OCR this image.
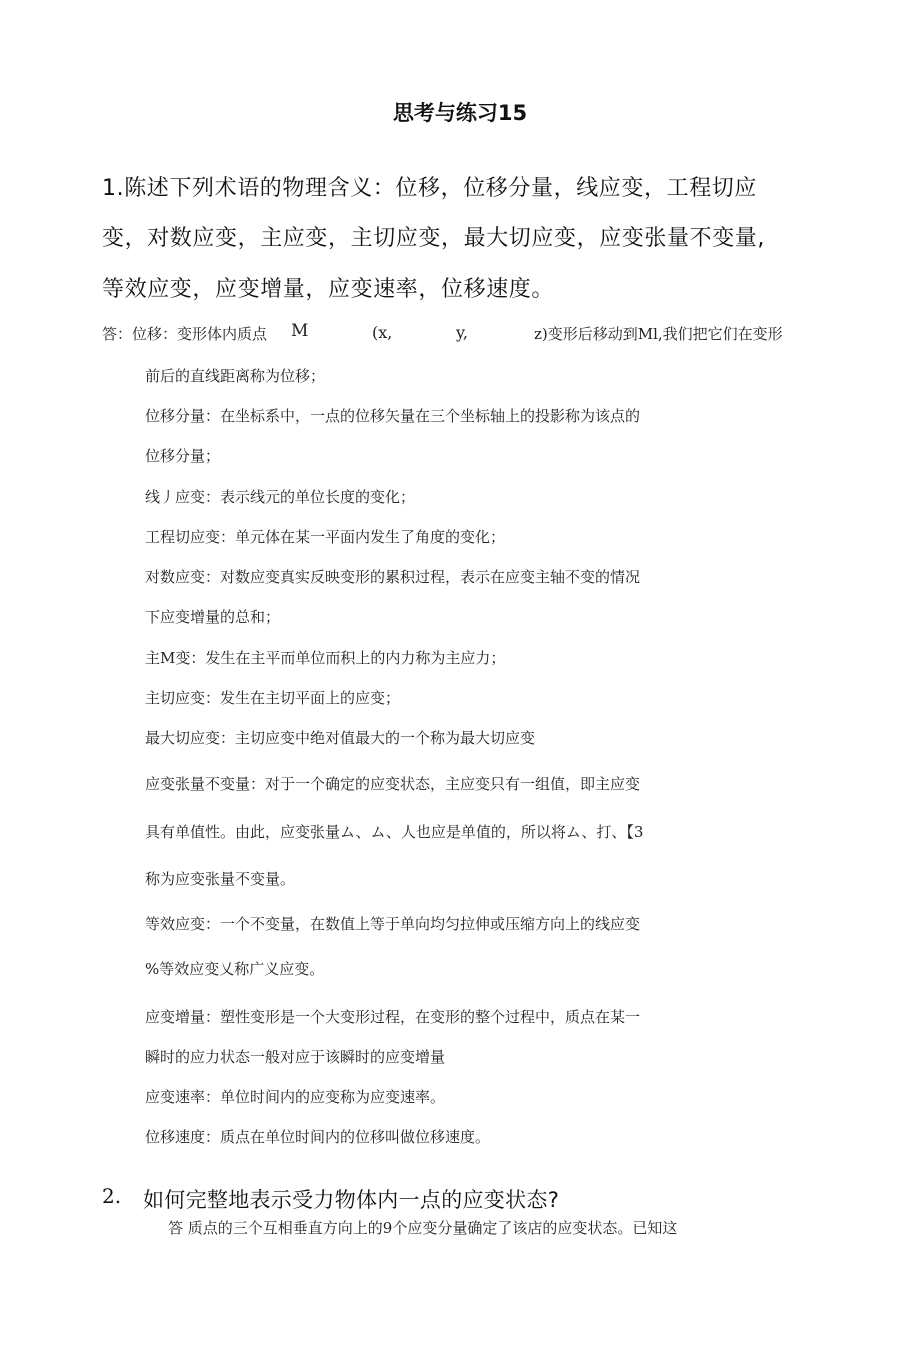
思考与练习15
1.陈述下列术语的物理含义：位移，位移分量，线应变，工程切应
变，对数应变，主应变，主切应变，最大切应变，应变张量不变量,
等效应变，应变增量，应变速率，位移速度。
答：位移：变形体内质点 M	(x,	y,	z)变形后移动到Ml,我们把它们在变形
前后的直线距离称为位移；
位移分量：在坐标系中，一点的位移矢量在三个坐标轴上的投影称为该点的
位移分量；
线丿应变：表示线元的单位长度的变化；
工程切应变：单元体在某一平面内发生了角度的变化；
对数应变：对数应变真实反映变形的累积过程，表示在应变主轴不变的情况
下应变增量的总和；
主M变：发生在主平而单位而积上的内力称为主应力；
主切应变：发生在主切平面上的应变；
最大切应变：主切应变中绝对值最大的一个称为最大切应变
应变张量不变量：对于一个确定的应变状态，主应变只有一组值，即主应变
具有单值性。由此，应变张量ム、ム、人也应是单值的，所以将ム、打、【3
称为应变张量不变量。
等效应变：一个不变量，在数值上等于单向均匀拉伸或压缩方向上的线应变
%等效应变乂称广义应变。
应变增量：塑性变形是一个大变形过程，在变形的整个过程中，质点在某一
瞬时的应力状态一般对应于该瞬时的应变增量
应变速率：单位时间内的应变称为应变速率。
位移速度：质点在单位时间内的位移叫做位移速度。
2. 如何完整地表示受力物体内一点的应变状态?
答 质点的三个互相垂直方向上的9个应变分量确定了该店的应变状态。已知这
